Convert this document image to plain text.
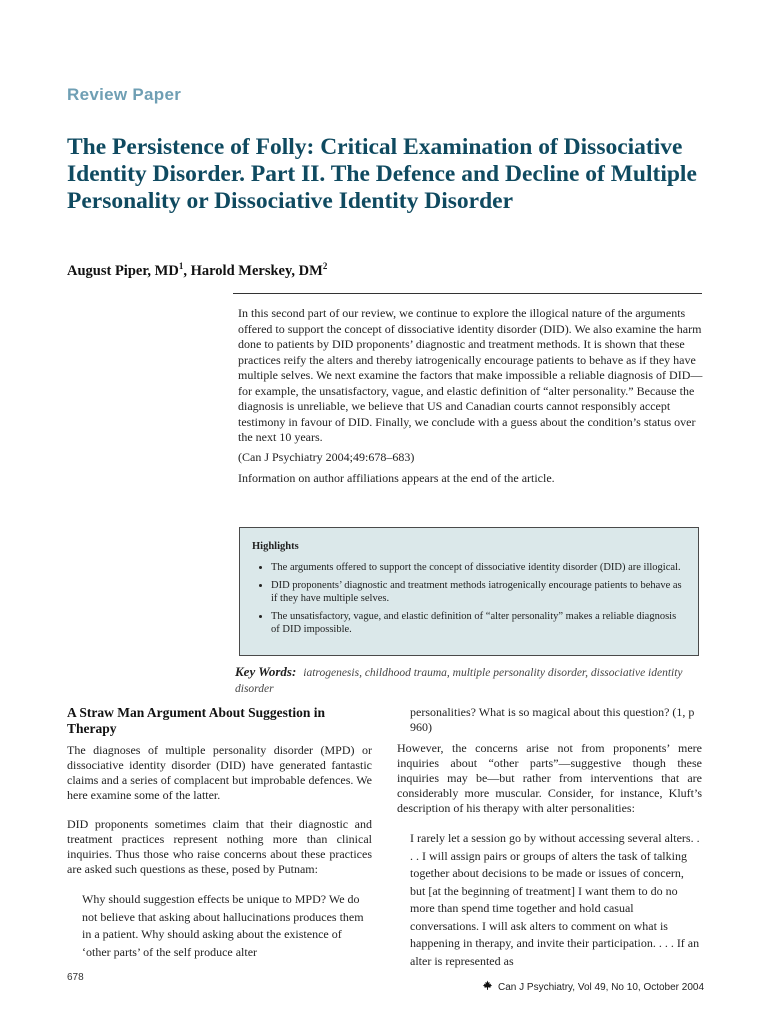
Review Paper
The Persistence of Folly: Critical Examination of Dissociative Identity Disorder. Part II. The Defence and Decline of Multiple Personality or Dissociative Identity Disorder
August Piper, $MD^1$, Harold Merskey, $DM^2$

In this second part of our review, we continue to explore the illogical nature of the arguments offered to support the concept of dissociative identity disorder (DID). We also examine the harm done to patients by DID proponents’ diagnostic and treatment methods. It is shown that these practices reify the alters and thereby iatrogenically encourage patients to behave as if they have multiple selves. We next examine the factors that make impossible a reliable diagnosis of DID—for example, the unsatisfactory, vague, and elastic definition of “alter personality.” Because the diagnosis is unreliable, we believe that US and Canadian courts cannot responsibly accept testimony in favour of DID. Finally, we conclude with a guess about the condition’s status over the next 10 years.

(Can J Psychiatry 2004;49:678–683)

Information on author affiliations appears at the end of the article.

Highlights
• The arguments offered to support the concept of dissociative identity disorder (DID) are illogical.
• DID proponents’ diagnostic and treatment methods iatrogenically encourage patients to behave as if they have multiple selves.
• The unsatisfactory, vague, and elastic definition of “alter personality” makes a reliable diagnosis of DID impossible.
Key Words: iatrogenesis, childhood trauma, multiple personality disorder, dissociative identity disorder
A Straw Man Argument About Suggestion in Therapy

The diagnoses of multiple personality disorder (MPD) or dissociative identity disorder (DID) have generated fantastic claims and a series of complacent but improbable defences. We here examine some of the latter.

DID proponents sometimes claim that their diagnostic and treatment practices represent nothing more than clinical inquiries. Thus those who raise concerns about these practices are asked such questions as these, posed by Putnam:

Why should suggestion effects be unique to MPD? We do not believe that asking about hallucinations produces them in a patient. Why should asking about the existence of ‘other parts’ of the self produce alter

personalities? What is so magical about this question? (1, p 960)

However, the concerns arise not from proponents’ mere inquiries about “other parts”—suggestive though these inquiries may be—but rather from interventions that are considerably more muscular. Consider, for instance, Kluft’s description of his therapy with alter personalities:

I rarely let a session go by without accessing several alters. . . . I will assign pairs or groups of alters the task of talking together about decisions to be made or issues of concern, but [at the beginning of treatment] I want them to do no more than spend time together and hold casual conversations. I will ask alters to comment on what is happening in therapy, and invite their participation. . . . If an alter is represented as

678
Can J Psychiatry, Vol 49, No 10, October 2004
